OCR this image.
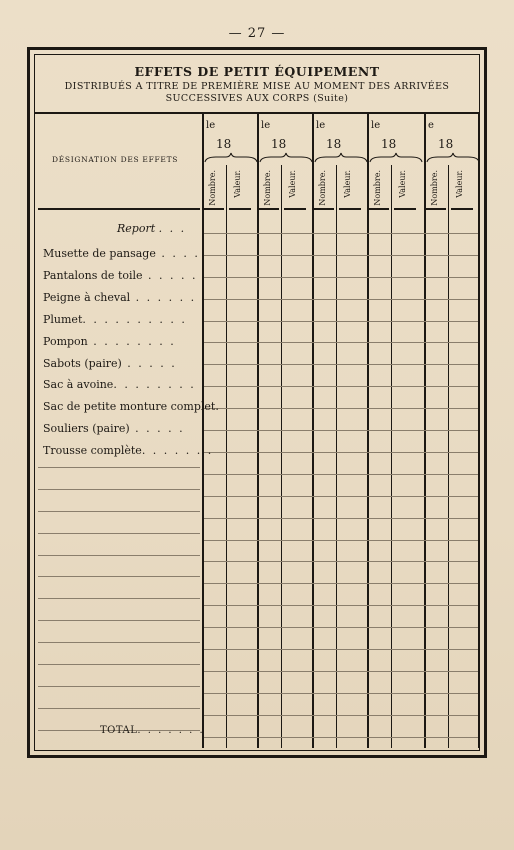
— 27 —
EFFETS DE PETIT ÉQUIPEMENT
DISTRIBUÉS A TITRE DE PREMIÈRE MISE AU MOMENT DES ARRIVÉES
SUCCESSIVES AUX CORPS (Suite)
DÉSIGNATION DES EFFETS
le
18
Nombre. Valeur.
le
18
Nombre. Valeur.
le
18
Nombre. Valeur.
le
18
Nombre. Valeur.
e
18
Nombre. Valeur.
Report . . .
Musette de pansage . . . .
Pantalons de toile . . . . .
Peigne à cheval . . . . . .
Plumet. . . . . . . . . .
Pompon . . . . . . . .
Sabots (paire) . . . . .
Sac à avoine. . . . . . . .
Sac de petite monture complet.
Souliers (paire) . . . . .
Trousse complète. . . . . . .
TOTAL. . . . . . .
